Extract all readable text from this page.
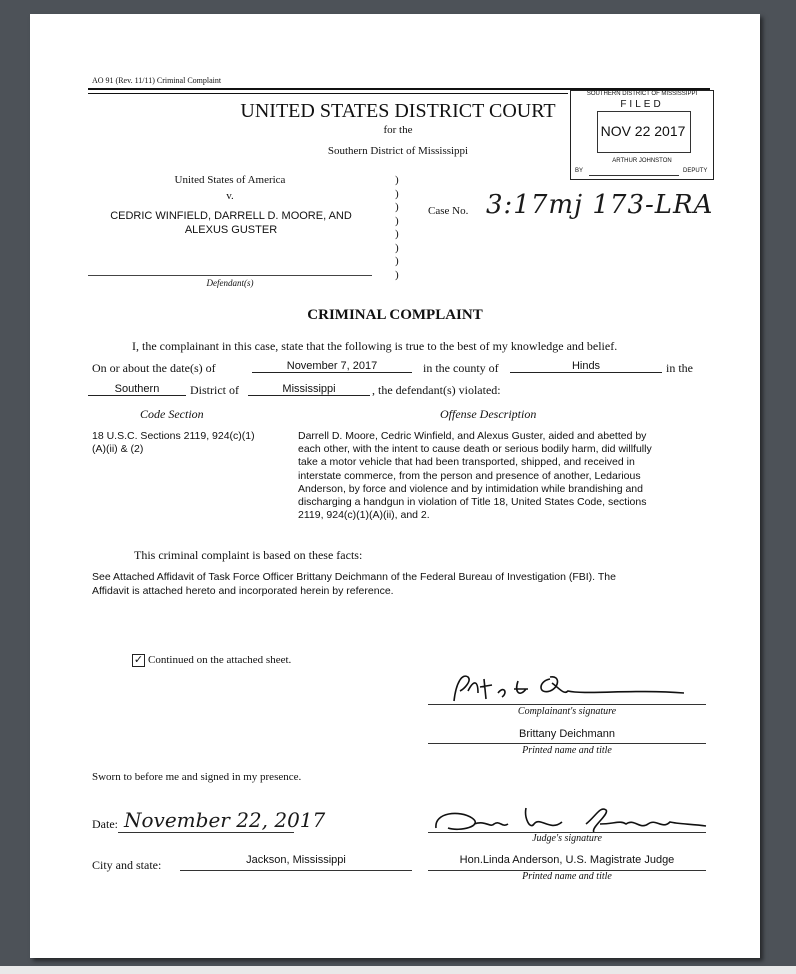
AO 91 (Rev. 11/11) Criminal Complaint
UNITED STATES DISTRICT COURT
for the
Southern District of Mississippi
SOUTHERN DISTRICT OF MISSISSIPPI
FILED
NOV 22 2017
ARTHUR JOHNSTON
BY	DEPUTY
United States of America
v.
CEDRIC WINFIELD, DARRELL D. MOORE, AND
ALEXUS GUSTER
Defendant(s)
)
)
)
)
)
)
)
)
Case No. 3:17mj 173-LRA
CRIMINAL COMPLAINT
I, the complainant in this case, state that the following is true to the best of my knowledge and belief.
On or about the date(s) of	November 7, 2017	in the county of	Hinds	in the
Southern	District of	Mississippi	, the defendant(s) violated:
Code Section	Offense Description
18 U.S.C. Sections 2119, 924(c)(1)
(A)(ii) & (2)
Darrell D. Moore, Cedric Winfield, and Alexus Guster, aided and abetted by
each other, with the intent to cause death or serious bodily harm, did willfully
take a motor vehicle that had been transported, shipped, and received in
interstate commerce, from the person and presence of another, Ledarious
Anderson, by force and violence and by intimidation while brandishing and
discharging a handgun in violation of Title 18, United States Code, sections
2119, 924(c)(1)(A)(ii), and 2.
This criminal complaint is based on these facts:
See Attached Affidavit of Task Force Officer Brittany Deichmann of the Federal Bureau of Investigation (FBI). The
Affidavit is attached hereto and incorporated herein by reference.
✓ Continued on the attached sheet.
Complainant's signature
Brittany Deichmann
Printed name and title
Sworn to before me and signed in my presence.
Date: November 22, 2017
Judge's signature
City and state:	Jackson, Mississippi	Hon.Linda Anderson, U.S. Magistrate Judge
Printed name and title
